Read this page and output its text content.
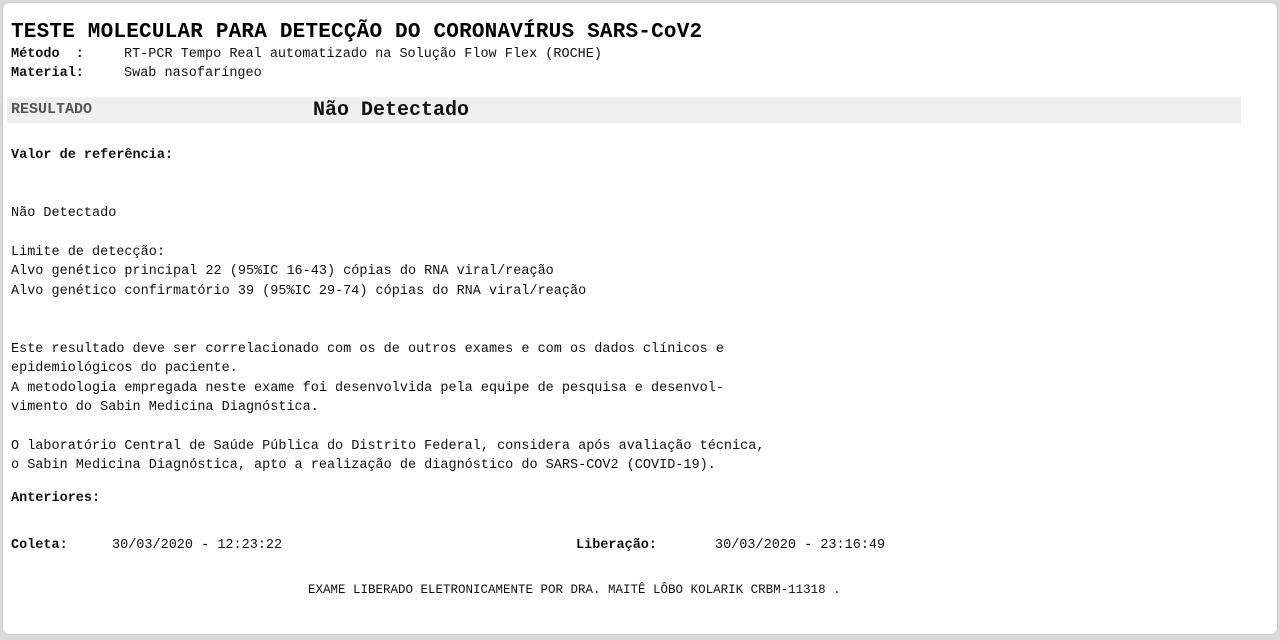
TESTE MOLECULAR PARA DETECÇÃO DO CORONAVÍRUS SARS-CoV2
Método  :	RT-PCR Tempo Real automatizado na Solução Flow Flex (ROCHE)
Material:	Swab nasofaríngeo
RESULTADO	Não Detectado
Valor de referência:
Não Detectado
Limite de detecção:
Alvo genético principal 22 (95%IC 16-43) cópias do RNA viral/reação
Alvo genético confirmatório 39 (95%IC 29-74) cópias do RNA viral/reação
Este resultado deve ser correlacionado com os de outros exames e com os dados clínicos e
epidemiológicos do paciente.
A metodologia empregada neste exame foi desenvolvida pela equipe de pesquisa e desenvol-
vimento do Sabin Medicina Diagnóstica.
O laboratório Central de Saúde Pública do Distrito Federal, considera após avaliação técnica,
o Sabin Medicina Diagnóstica, apto a realização de diagnóstico do SARS-COV2 (COVID-19).
Anteriores:
Coleta:	30/03/2020 - 12:23:22	Liberação:	30/03/2020 - 23:16:49
EXAME LIBERADO ELETRONICAMENTE POR DRA. MAITÊ LÔBO KOLARIK CRBM-11318 .
